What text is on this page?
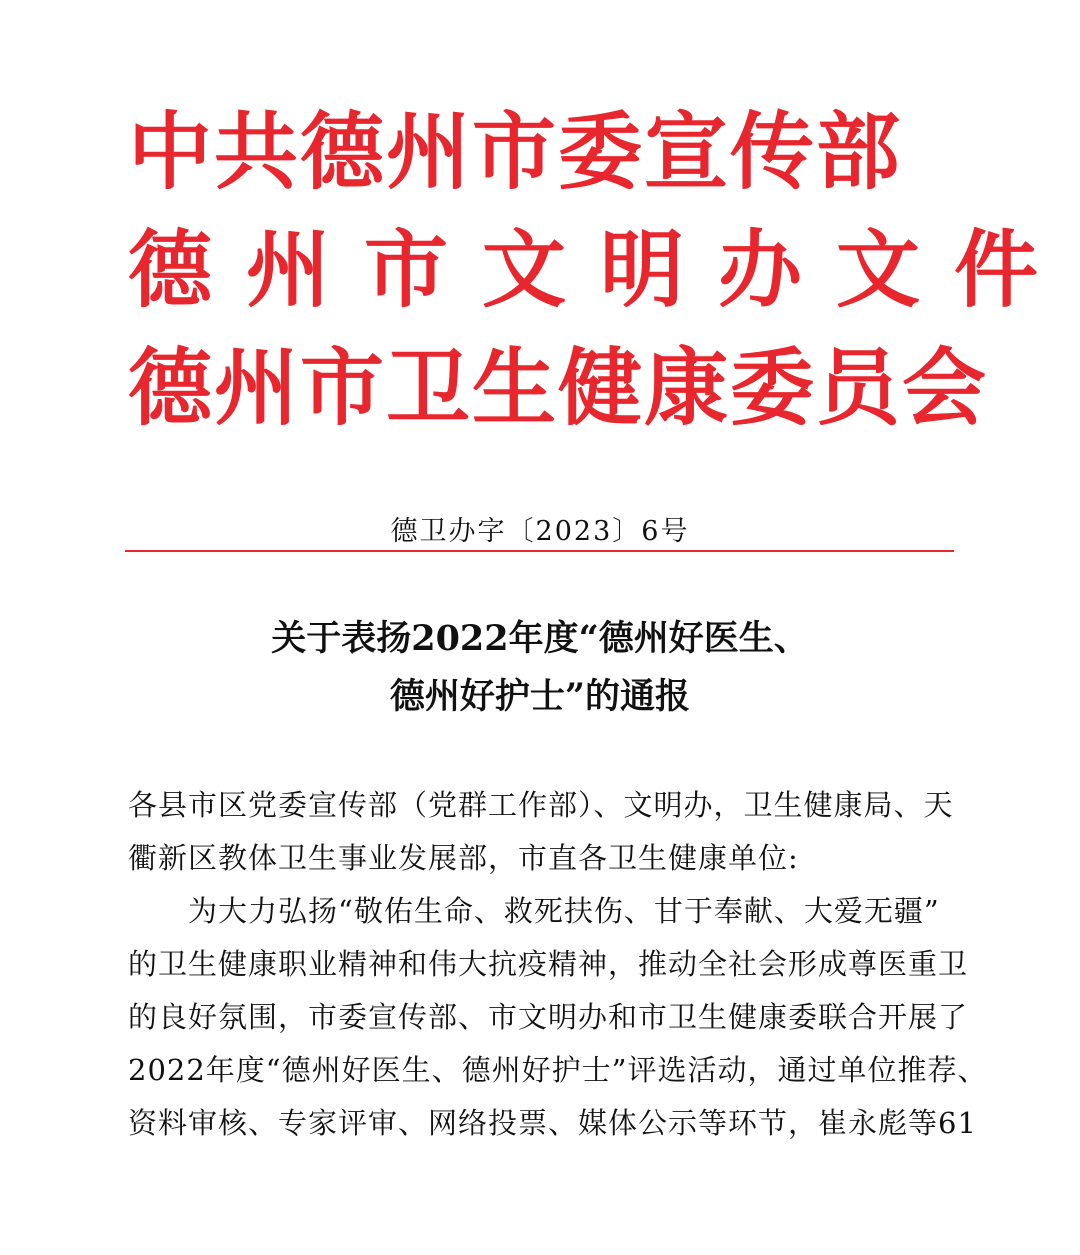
中共德州市委宣传部
德州市文明办文件
德州市卫生健康委员会
德卫办字〔2023〕6号
关于表扬2022年度“德州好医生、
德州好护士”的通报
各县市区党委宣传部（党群工作部）、文明办，卫生健康局、天
衢新区教体卫生事业发展部，市直各卫生健康单位:
　　为大力弘扬“敬佑生命、救死扶伤、甘于奉献、大爱无疆”
的卫生健康职业精神和伟大抗疫精神，推动全社会形成尊医重卫
的良好氛围，市委宣传部、市文明办和市卫生健康委联合开展了
2022年度“德州好医生、德州好护士”评选活动，通过单位推荐、
资料审核、专家评审、网络投票、媒体公示等环节，崔永彪等61
